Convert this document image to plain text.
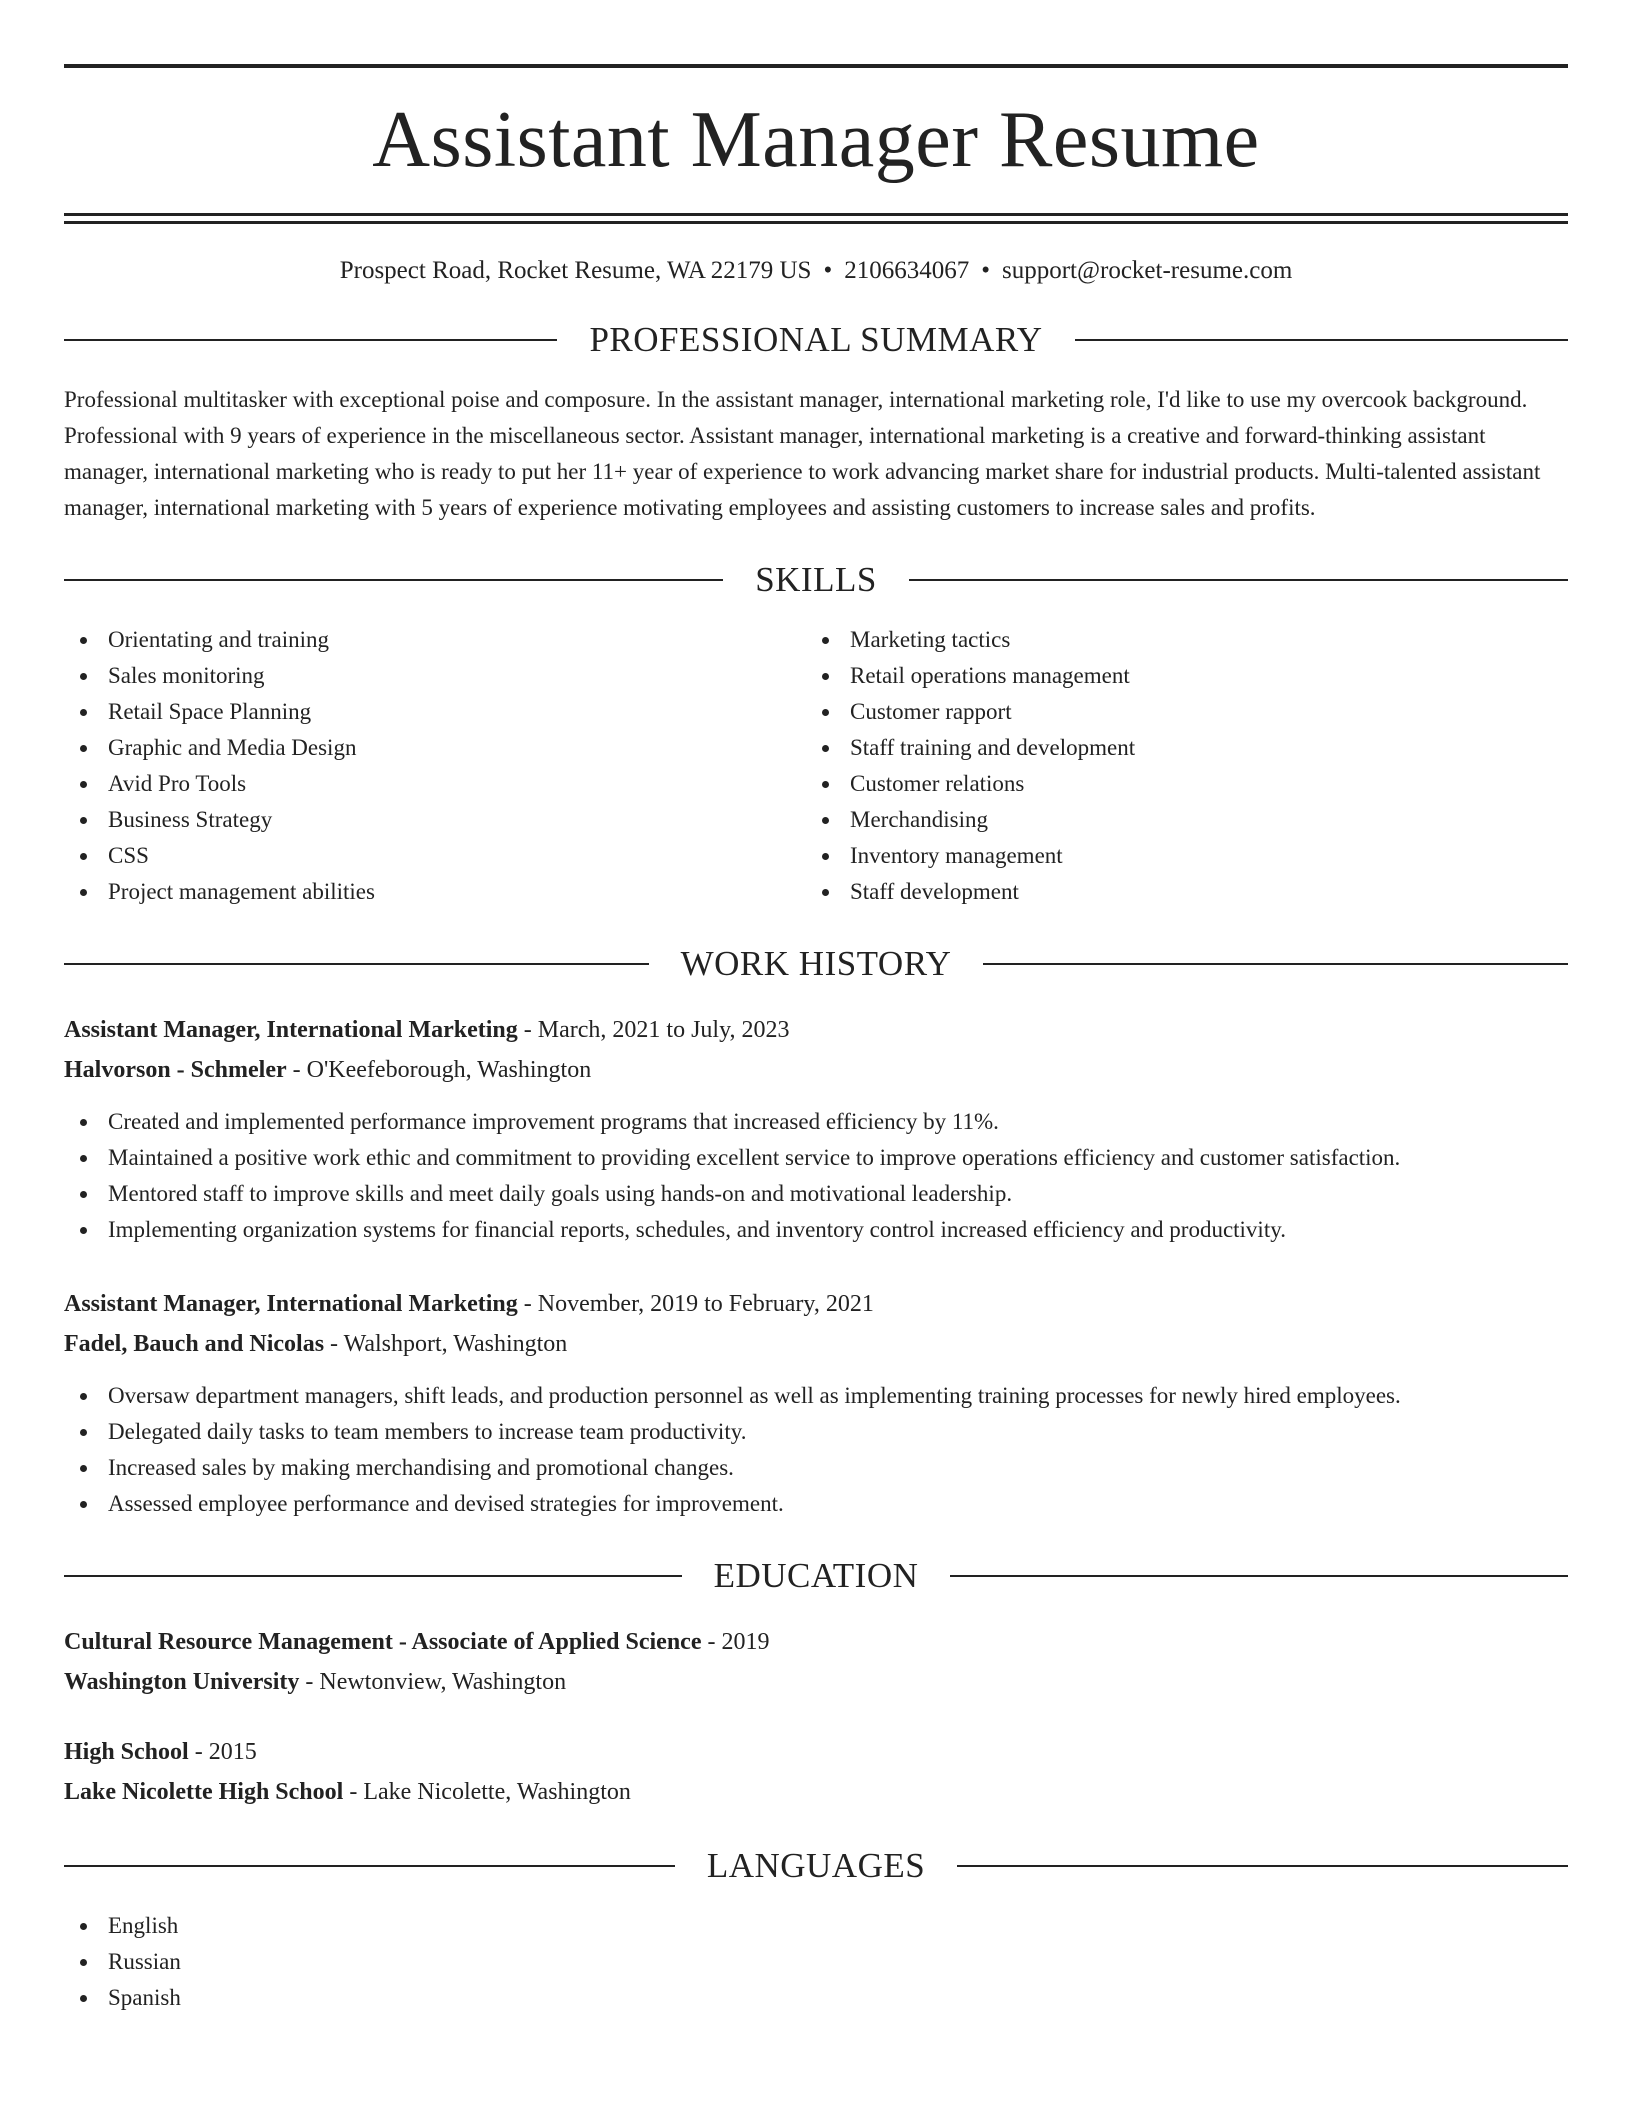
Assistant Manager Resume
Prospect Road, Rocket Resume, WA 22179 US • 2106634067 • support@rocket-resume.com
PROFESSIONAL SUMMARY

Professional multitasker with exceptional poise and composure. In the assistant manager, international marketing role, I'd like to use my overcook background. Professional with 9 years of experience in the miscellaneous sector. Assistant manager, international marketing is a creative and forward-thinking assistant manager, international marketing who is ready to put her 11+ year of experience to work advancing market share for industrial products. Multi-talented assistant manager, international marketing with 5 years of experience motivating employees and assisting customers to increase sales and profits.

SKILLS
Orientating and training
Sales monitoring
Retail Space Planning
Graphic and Media Design
Avid Pro Tools
Business Strategy
CSS
Project management abilities
Marketing tactics
Retail operations management
Customer rapport
Staff training and development
Customer relations
Merchandising
Inventory management
Staff development
WORK HISTORY
Assistant Manager, International Marketing - March, 2021 to July, 2023
Halvorson - Schmeler - O'Keefeborough, Washington
Created and implemented performance improvement programs that increased efficiency by 11%.
Maintained a positive work ethic and commitment to providing excellent service to improve operations efficiency and customer satisfaction.
Mentored staff to improve skills and meet daily goals using hands-on and motivational leadership.
Implementing organization systems for financial reports, schedules, and inventory control increased efficiency and productivity.
Assistant Manager, International Marketing - November, 2019 to February, 2021
Fadel, Bauch and Nicolas - Walshport, Washington
Oversaw department managers, shift leads, and production personnel as well as implementing training processes for newly hired employees.
Delegated daily tasks to team members to increase team productivity.
Increased sales by making merchandising and promotional changes.
Assessed employee performance and devised strategies for improvement.
EDUCATION
Cultural Resource Management - Associate of Applied Science - 2019
Washington University - Newtonview, Washington
High School - 2015
Lake Nicolette High School - Lake Nicolette, Washington
LANGUAGES
English
Russian
Spanish
